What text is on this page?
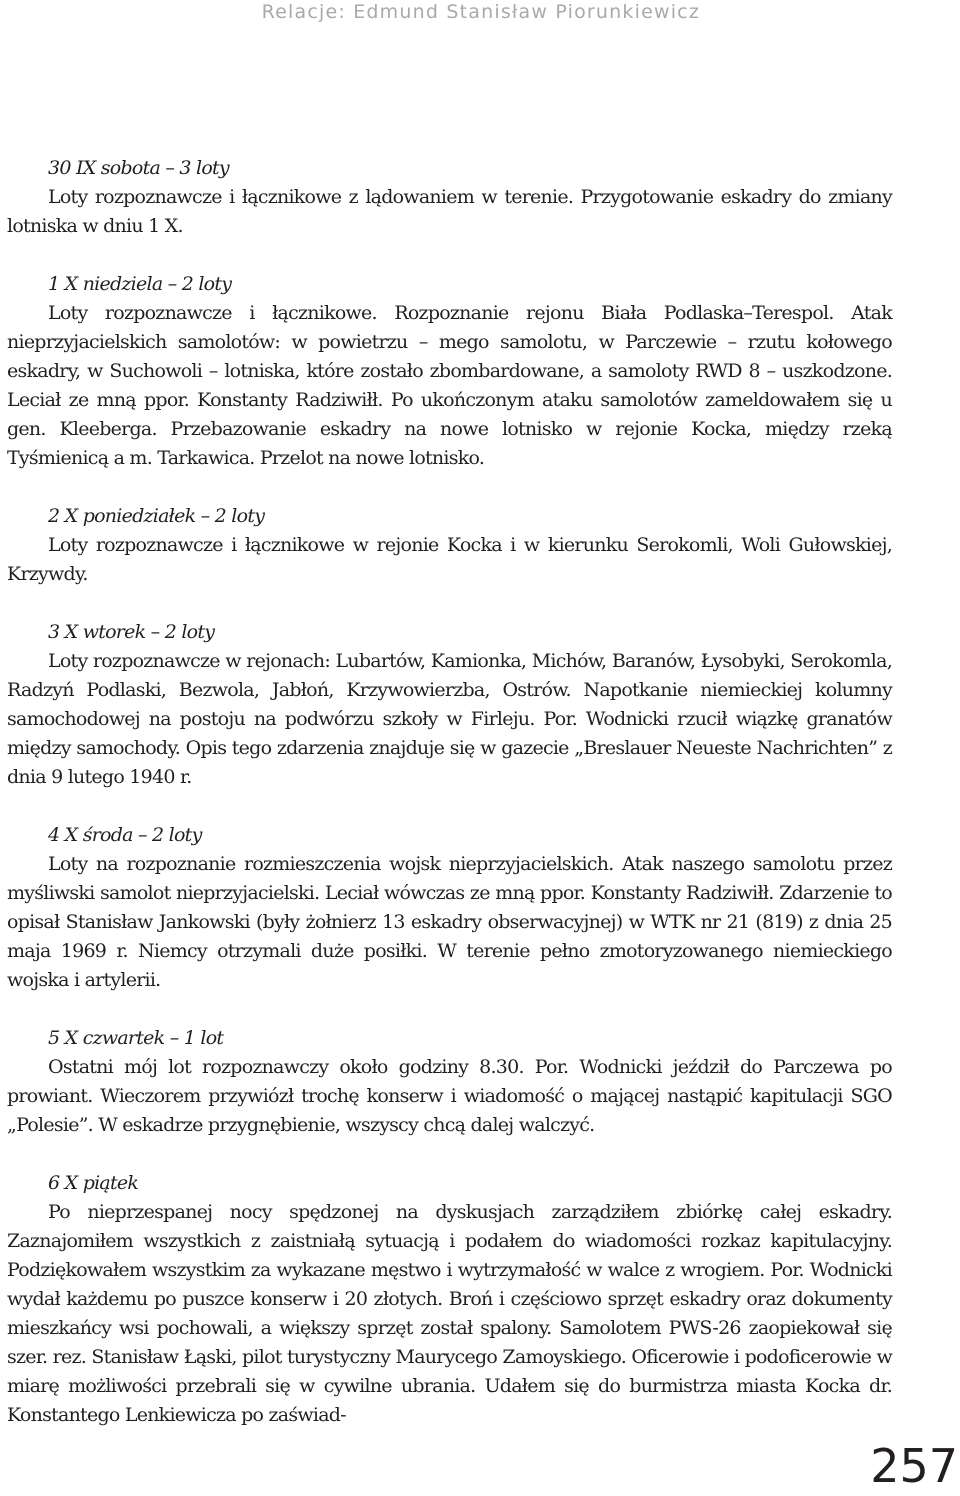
Relacje: Edmund Stanisław Piorunkiewicz

30 IX sobota – 3 loty

Loty rozpoznawcze i łącznikowe z lądowaniem w terenie. Przygotowanie eskadry do zmiany lotniska w dniu 1 X.

1 X niedziela – 2 loty

Loty rozpoznawcze i łącznikowe. Rozpoznanie rejonu Biała Podlaska–Terespol. Atak nieprzyjacielskich samolotów: w powietrzu – mego samolotu, w Parczewie – rzutu kołowego eskadry, w Suchowoli – lotniska, które zostało zbombardowane, a samoloty RWD 8 – uszkodzone. Leciał ze mną ppor. Konstanty Radziwiłł. Po ukończonym ataku samolotów zameldowałem się u gen. Kleeberga. Przebazowanie eskadry na nowe lotnisko w rejonie Kocka, między rzeką Tyśmienicą a m. Tarkawica. Przelot na nowe lotnisko.

2 X poniedziałek – 2 loty

Loty rozpoznawcze i łącznikowe w rejonie Kocka i w kierunku Serokomli, Woli Gułowskiej, Krzywdy.

3 X wtorek – 2 loty

Loty rozpoznawcze w rejonach: Lubartów, Kamionka, Michów, Baranów, Łysobyki, Serokomla, Radzyń Podlaski, Bezwola, Jabłoń, Krzywowierzba, Ostrów. Napotkanie niemieckiej kolumny samochodowej na postoju na podwórzu szkoły w Firleju. Por. Wodnicki rzucił wiązkę granatów między samochody. Opis tego zdarzenia znajduje się w gazecie „Breslauer Neueste Nachrichten” z dnia 9 lutego 1940 r.

4 X środa – 2 loty

Loty na rozpoznanie rozmieszczenia wojsk nieprzyjacielskich. Atak naszego samolotu przez myśliwski samolot nieprzyjacielski. Leciał wówczas ze mną ppor. Konstanty Radziwiłł. Zdarzenie to opisał Stanisław Jankowski (były żołnierz 13 eskadry obserwacyjnej) w WTK nr 21 (819) z dnia 25 maja 1969 r. Niemcy otrzymali duże posiłki. W terenie pełno zmotoryzowanego niemieckiego wojska i artylerii.

5 X czwartek – 1 lot

Ostatni mój lot rozpoznawczy około godziny 8.30. Por. Wodnicki jeździł do Parczewa po prowiant. Wieczorem przywiózł trochę konserw i wiadomość o mającej nastąpić kapitulacji SGO „Polesie”. W eskadrze przygnębienie, wszyscy chcą dalej walczyć.

6 X piątek

Po nieprzespanej nocy spędzonej na dyskusjach zarządziłem zbiórkę całej eskadry. Zaznajomiłem wszystkich z zaistniałą sytuacją i podałem do wiadomości rozkaz kapitulacyjny. Podziękowałem wszystkim za wykazane męstwo i wytrzymałość w walce z wrogiem. Por. Wodnicki wydał każdemu po puszce konserw i 20 złotych. Broń i częściowo sprzęt eskadry oraz dokumenty mieszkańcy wsi pochowali, a większy sprzęt został spalony. Samolotem PWS-26 zaopiekował się szer. rez. Stanisław Łąski, pilot turystyczny Maurycego Zamoyskiego. Oficerowie i podoficerowie w miarę możliwości przebrali się w cywilne ubrania. Udałem się do burmistrza miasta Kocka dr. Konstantego Lenkiewicza po zaświad-

257
